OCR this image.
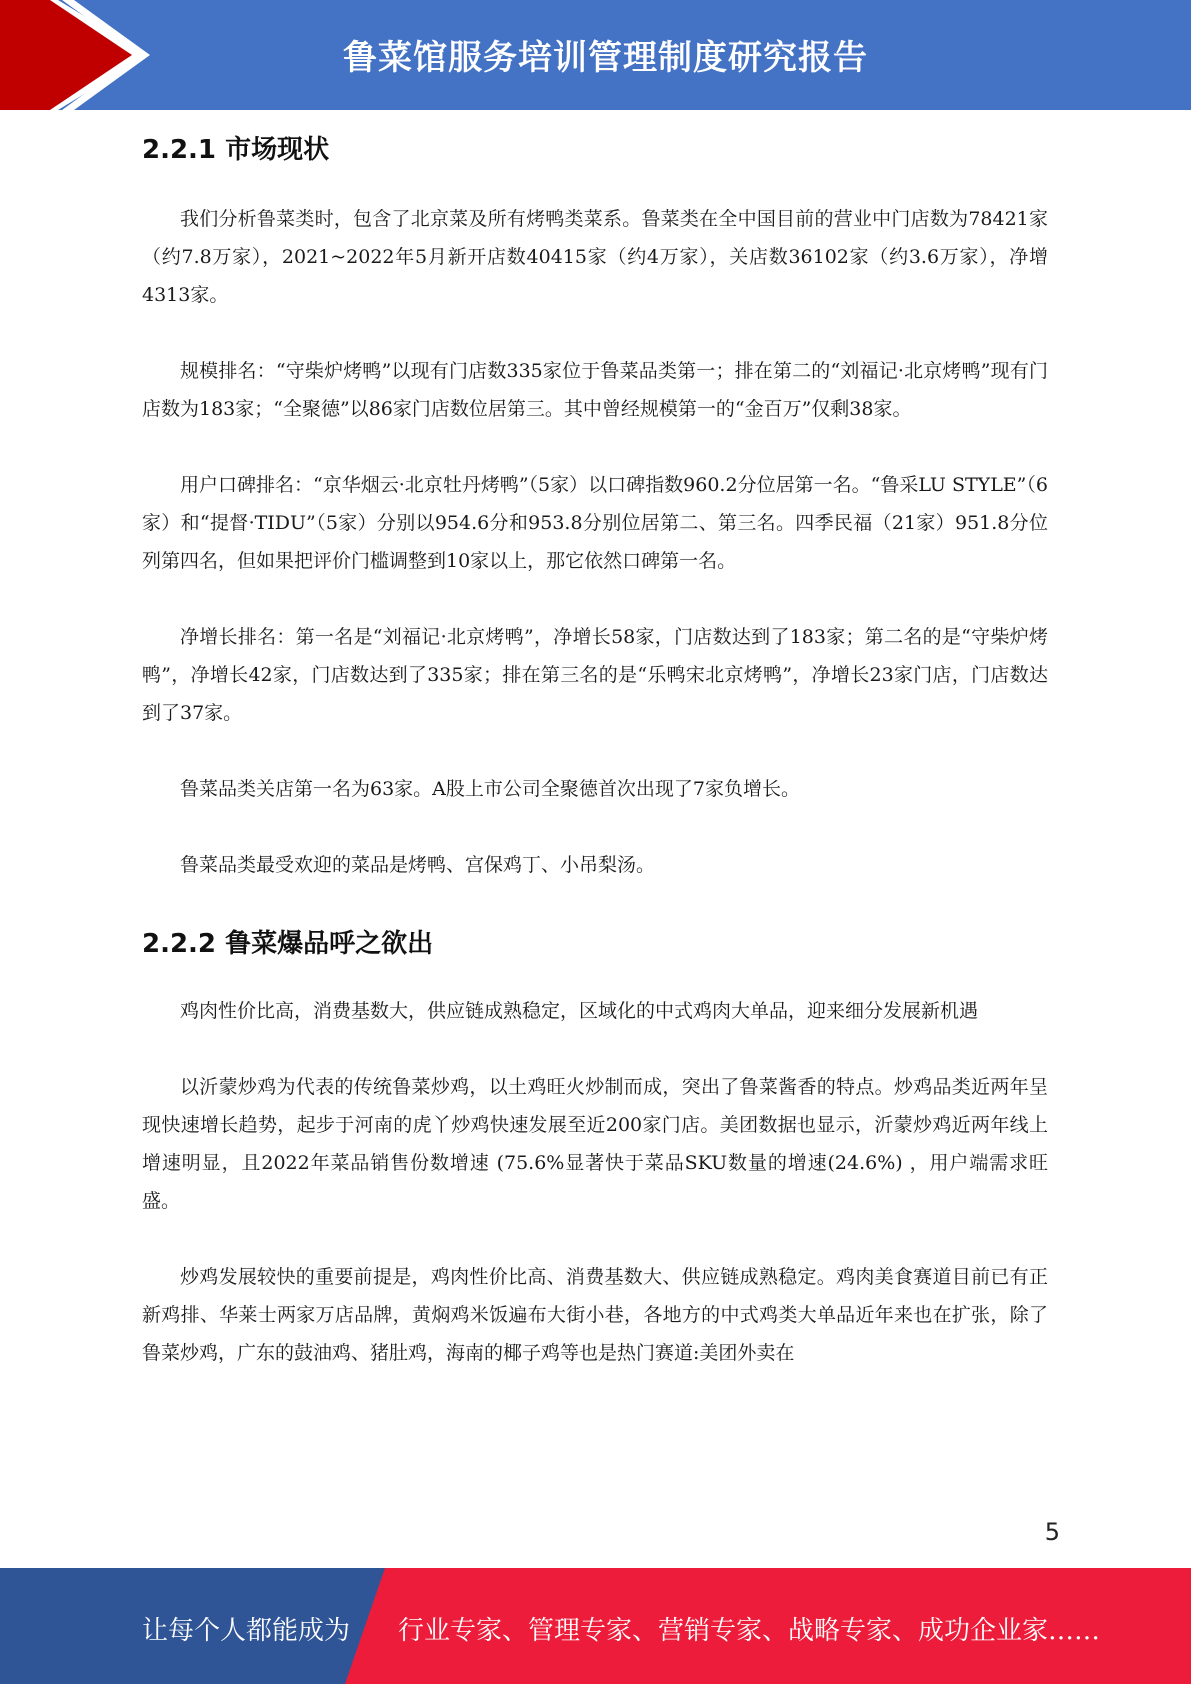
鲁菜馆服务培训管理制度研究报告
2.2.1 市场现状

我们分析鲁菜类时，包含了北京菜及所有烤鸭类菜系。鲁菜类在全中国目前的营业中门店数为78421家（约7.8万家），2021~2022年5月新开店数40415家（约4万家），关店数36102家（约3.6万家），净增4313家。

规模排名：“守柴炉烤鸭”以现有门店数335家位于鲁菜品类第一；排在第二的“刘福记·北京烤鸭”现有门店数为183家；“全聚德”以86家门店数位居第三。其中曾经规模第一的“金百万”仅剩38家。

用户口碑排名：“京华烟云·北京牡丹烤鸭”（5家）以口碑指数960.2分位居第一名。“鲁采LU STYLE”（6家）和“提督·TIDU”（5家）分别以954.6分和953.8分别位居第二、第三名。四季民福（21家）951.8分位列第四名，但如果把评价门槛调整到10家以上，那它依然口碑第一名。

净增长排名：第一名是“刘福记·北京烤鸭”，净增长58家，门店数达到了183家；第二名的是“守柴炉烤鸭”，净增长42家，门店数达到了335家；排在第三名的是“乐鸭宋北京烤鸭”，净增长23家门店，门店数达到了37家。

鲁菜品类关店第一名为63家。A股上市公司全聚德首次出现了7家负增长。

鲁菜品类最受欢迎的菜品是烤鸭、宫保鸡丁、小吊梨汤。

2.2.2 鲁菜爆品呼之欲出

鸡肉性价比高，消费基数大，供应链成熟稳定，区域化的中式鸡肉大单品，迎来细分发展新机遇

以沂蒙炒鸡为代表的传统鲁菜炒鸡，以土鸡旺火炒制而成，突出了鲁菜酱香的特点。炒鸡品类近两年呈现快速增长趋势，起步于河南的虎丫炒鸡快速发展至近200家门店。美团数据也显示，沂蒙炒鸡近两年线上增速明显，且2022年菜品销售份数增速 (75.6%显著快于菜品SKU数量的增速(24.6%) ，用户端需求旺盛。

炒鸡发展较快的重要前提是，鸡肉性价比高、消费基数大、供应链成熟稳定。鸡肉美食赛道目前已有正新鸡排、华莱士两家万店品牌，黄焖鸡米饭遍布大街小巷，各地方的中式鸡类大单品近年来也在扩张，除了鲁菜炒鸡，广东的鼓油鸡、猪肚鸡，海南的椰子鸡等也是热门赛道:美团外卖在

5
让每个人都能成为 行业专家、管理专家、营销专家、战略专家、成功企业家……
